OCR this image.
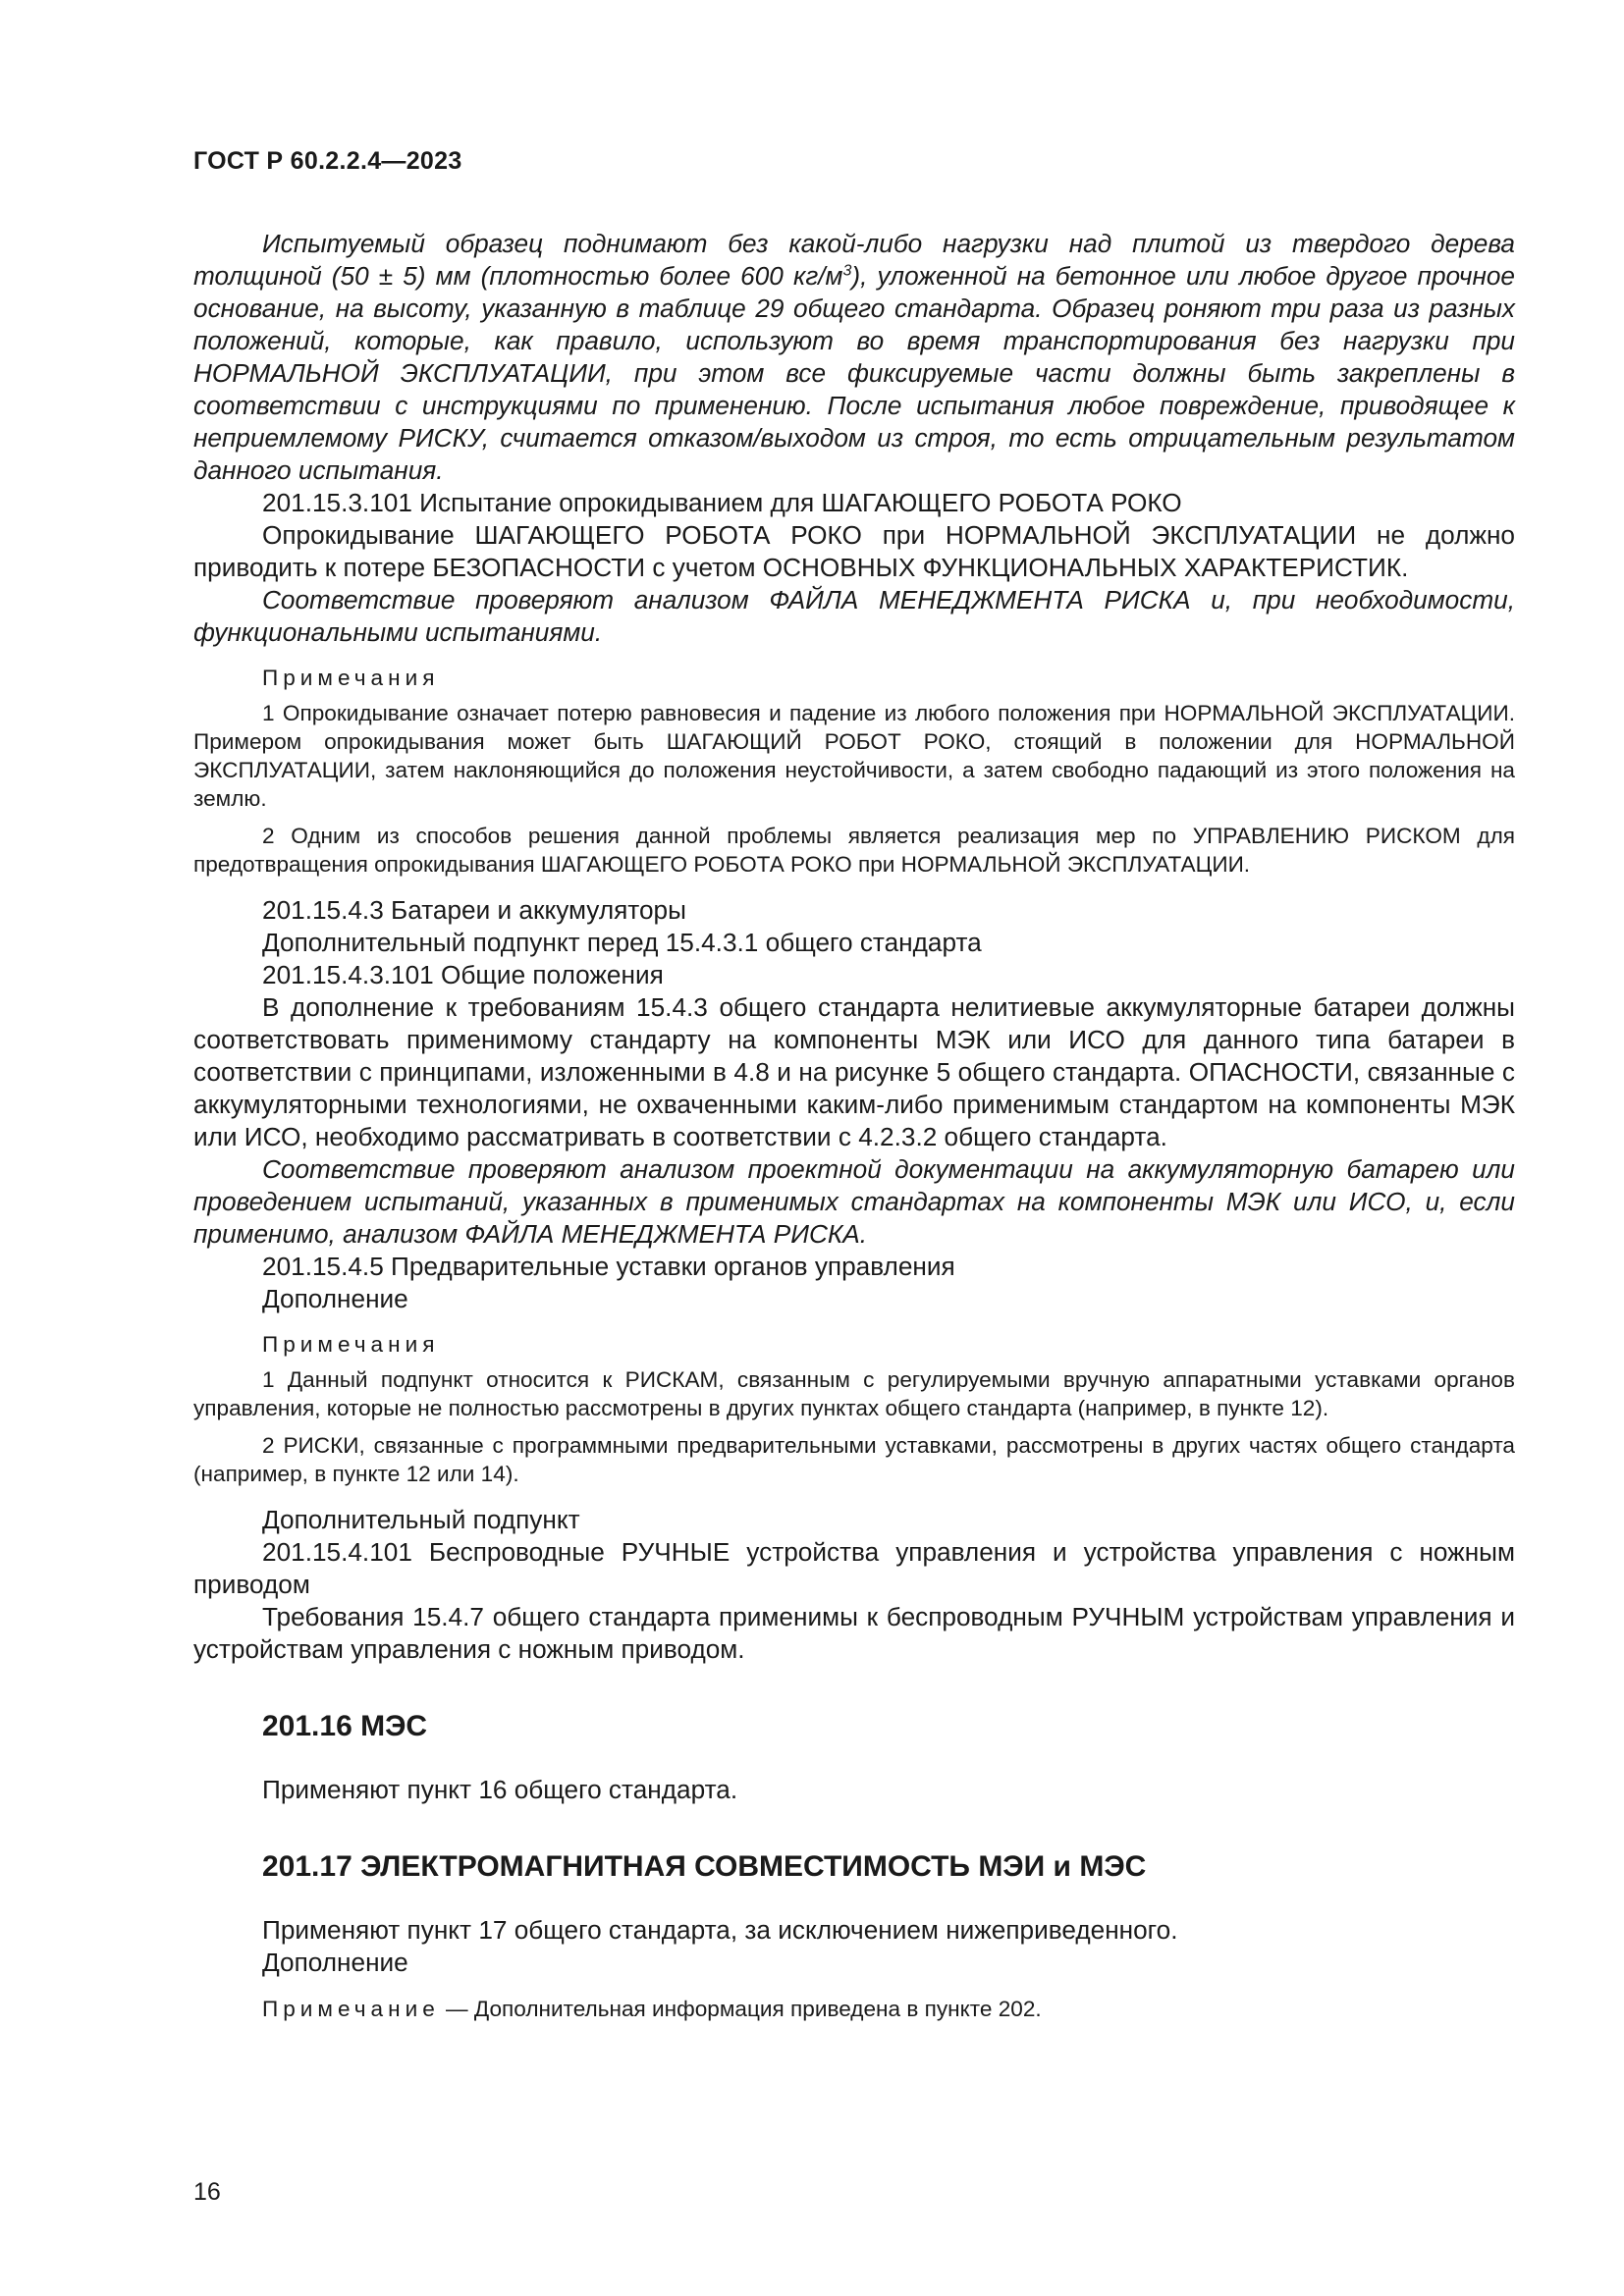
ГОСТ Р 60.2.2.4—2023

Испытуемый образец поднимают без какой-либо нагрузки над плитой из твердого дерева толщиной (50 ± 5) мм (плотностью более 600 $кг/м^3$), уложенной на бетонное или любое другое прочное основание, на высоту, указанную в таблице 29 общего стандарта. Образец роняют три раза из разных положений, которые, как правило, используют во время транспортирования без нагрузки при НОРМАЛЬНОЙ ЭКСПЛУАТАЦИИ, при этом все фиксируемые части должны быть закреплены в соответствии с инструкциями по применению. После испытания любое повреждение, приводящее к неприемлемому РИСКУ, считается отказом/выходом из строя, то есть отрицательным результатом данного испытания.

201.15.3.101 Испытание опрокидыванием для ШАГАЮЩЕГО РОБОТА РОКО

Опрокидывание ШАГАЮЩЕГО РОБОТА РОКО при НОРМАЛЬНОЙ ЭКСПЛУАТАЦИИ не должно приводить к потере БЕЗОПАСНОСТИ с учетом ОСНОВНЫХ ФУНКЦИОНАЛЬНЫХ ХАРАКТЕРИСТИК.

Соответствие проверяют анализом ФАЙЛА МЕНЕДЖМЕНТА РИСКА и, при необходимости, функциональными испытаниями.

Примечания

1 Опрокидывание означает потерю равновесия и падение из любого положения при НОРМАЛЬНОЙ ЭКСПЛУАТАЦИИ. Примером опрокидывания может быть ШАГАЮЩИЙ РОБОТ РОКО, стоящий в положении для НОРМАЛЬНОЙ ЭКСПЛУАТАЦИИ, затем наклоняющийся до положения неустойчивости, а затем свободно падающий из этого положения на землю.

2 Одним из способов решения данной проблемы является реализация мер по УПРАВЛЕНИЮ РИСКОМ для предотвращения опрокидывания ШАГАЮЩЕГО РОБОТА РОКО при НОРМАЛЬНОЙ ЭКСПЛУАТАЦИИ.

201.15.4.3 Батареи и аккумуляторы

Дополнительный подпункт перед 15.4.3.1 общего стандарта

201.15.4.3.101 Общие положения

В дополнение к требованиям 15.4.3 общего стандарта нелитиевые аккумуляторные батареи должны соответствовать применимому стандарту на компоненты МЭК или ИСО для данного типа батареи в соответствии с принципами, изложенными в 4.8 и на рисунке 5 общего стандарта. ОПАСНОСТИ, связанные с аккумуляторными технологиями, не охваченными каким-либо применимым стандартом на компоненты МЭК или ИСО, необходимо рассматривать в соответствии с 4.2.3.2 общего стандарта.

Соответствие проверяют анализом проектной документации на аккумуляторную батарею или проведением испытаний, указанных в применимых стандартах на компоненты МЭК или ИСО, и, если применимо, анализом ФАЙЛА МЕНЕДЖМЕНТА РИСКА.

201.15.4.5 Предварительные уставки органов управления

Дополнение

Примечания

1 Данный подпункт относится к РИСКАМ, связанным с регулируемыми вручную аппаратными уставками органов управления, которые не полностью рассмотрены в других пунктах общего стандарта (например, в пункте 12).

2 РИСКИ, связанные с программными предварительными уставками, рассмотрены в других частях общего стандарта (например, в пункте 12 или 14).

Дополнительный подпункт

201.15.4.101 Беспроводные РУЧНЫЕ устройства управления и устройства управления с ножным приводом

Требования 15.4.7 общего стандарта применимы к беспроводным РУЧНЫМ устройствам управления и устройствам управления с ножным приводом.

201.16 МЭС

Применяют пункт 16 общего стандарта.

201.17 ЭЛЕКТРОМАГНИТНАЯ СОВМЕСТИМОСТЬ МЭИ и МЭС

Применяют пункт 17 общего стандарта, за исключением нижеприведенного.

Дополнение

Примечание — Дополнительная информация приведена в пункте 202.

16
